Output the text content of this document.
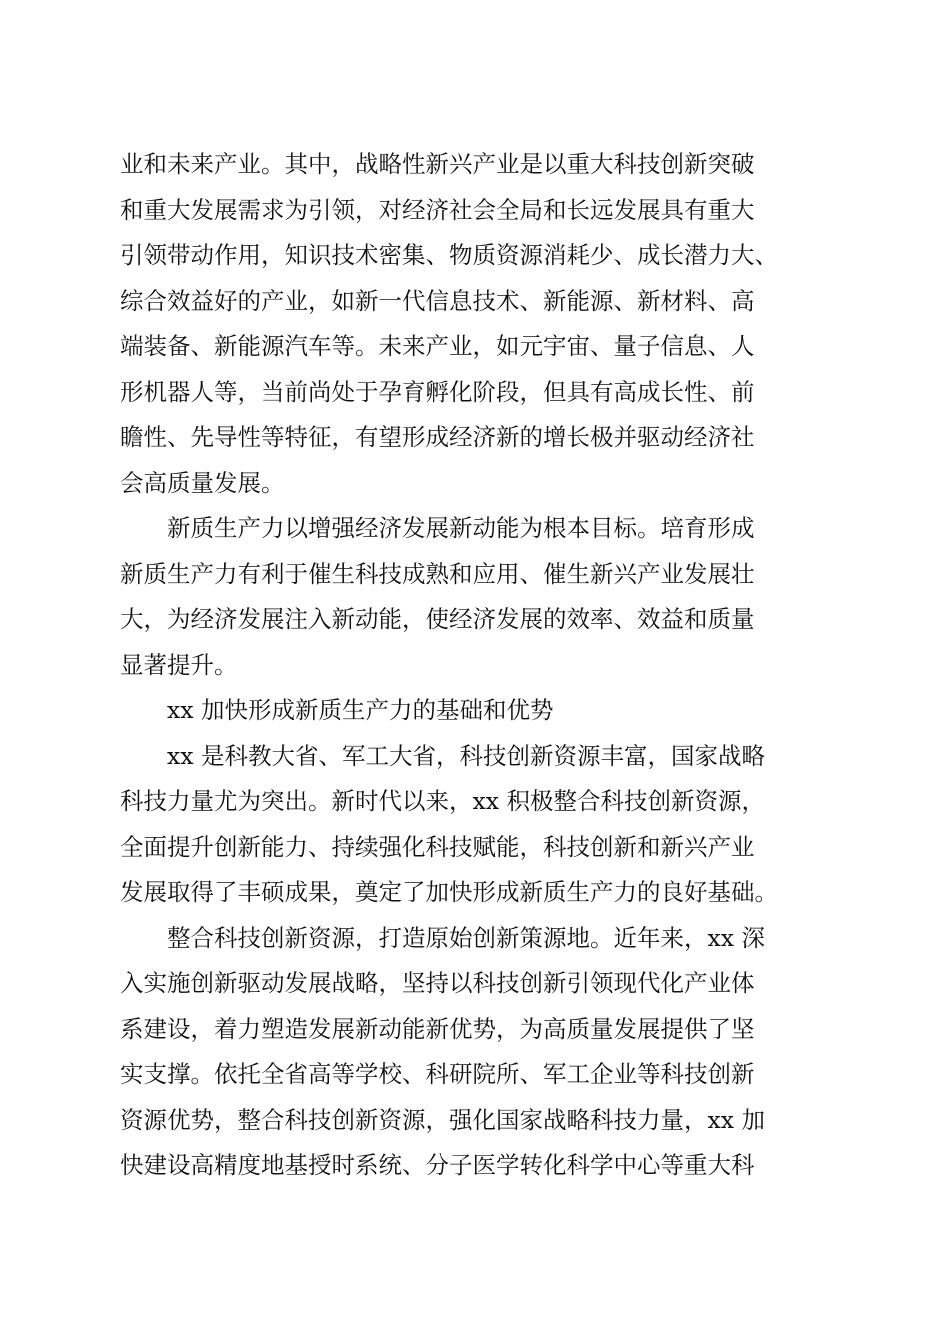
业和未来产业。其中，战略性新兴产业是以重大科技创新突破
和重大发展需求为引领，对经济社会全局和长远发展具有重大
引领带动作用，知识技术密集、物质资源消耗少、成长潜力大、
综合效益好的产业，如新一代信息技术、新能源、新材料、高
端装备、新能源汽车等。未来产业，如元宇宙、量子信息、人
形机器人等，当前尚处于孕育孵化阶段，但具有高成长性、前
瞻性、先导性等特征，有望形成经济新的增长极并驱动经济社
会高质量发展。

新质生产力以增强经济发展新动能为根本目标。培育形成
新质生产力有利于催生科技成熟和应用、催生新兴产业发展壮
大，为经济发展注入新动能，使经济发展的效率、效益和质量
显著提升。

xx 加快形成新质生产力的基础和优势

xx 是科教大省、军工大省，科技创新资源丰富，国家战略
科技力量尤为突出。新时代以来，xx 积极整合科技创新资源，
全面提升创新能力、持续强化科技赋能，科技创新和新兴产业
发展取得了丰硕成果，奠定了加快形成新质生产力的良好基础。

整合科技创新资源，打造原始创新策源地。近年来，xx 深
入实施创新驱动发展战略，坚持以科技创新引领现代化产业体
系建设，着力塑造发展新动能新优势，为高质量发展提供了坚
实支撑。依托全省高等学校、科研院所、军工企业等科技创新
资源优势，整合科技创新资源，强化国家战略科技力量，xx 加
快建设高精度地基授时系统、分子医学转化科学中心等重大科
